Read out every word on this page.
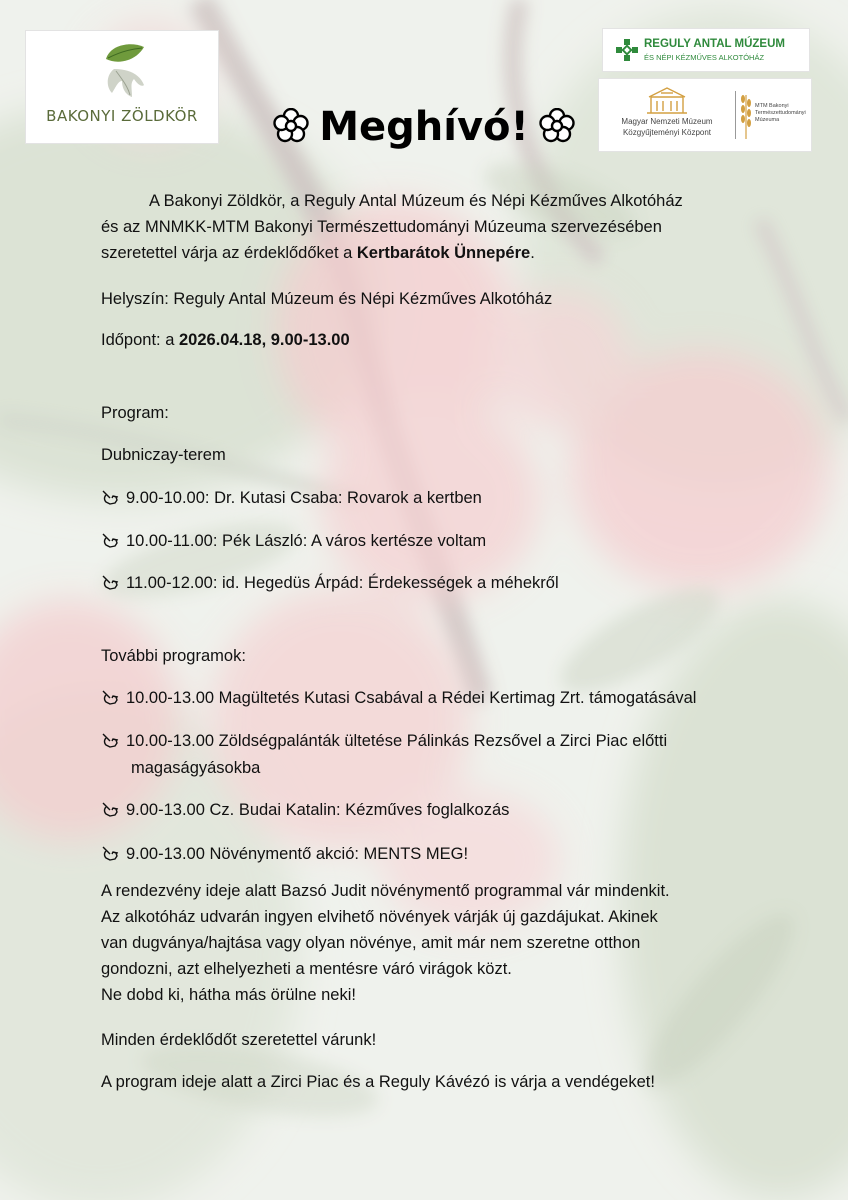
BAKONYI ZÖLDKÖR
REGULY ANTAL MÚZEUM
ÉS NÉPI KÉZMŰVES ALKOTÓHÁZ
Magyar Nemzeti Múzeum
Közgyűjteményi Központ
MTM Bakonyi Természettudományi Múzeuma
Meghívó!
A Bakonyi Zöldkör, a Reguly Antal Múzeum és Népi Kézműves Alkotóház
és az MNMKK-MTM Bakonyi Természettudományi Múzeuma szervezésében
szeretettel várja az érdeklődőket a Kertbarátok Ünnepére.
Helyszín: Reguly Antal Múzeum és Népi Kézműves Alkotóház
Időpont: a 2026.04.18, 9.00-13.00
Program:
Dubniczay-terem
9.00-10.00: Dr. Kutasi Csaba: Rovarok a kertben
10.00-11.00: Pék László: A város kertésze voltam
11.00-12.00: id. Hegedüs Árpád: Érdekességek a méhekről
További programok:
10.00-13.00 Magültetés Kutasi Csabával a Rédei Kertimag Zrt. támogatásával
10.00-13.00 Zöldségpalánták ültetése Pálinkás Rezsővel a Zirci Piac előtti
magaságyásokba
9.00-13.00 Cz. Budai Katalin: Kézműves foglalkozás
9.00-13.00 Növénymentő akció: MENTS MEG!
A rendezvény ideje alatt Bazsó Judit növénymentő programmal vár mindenkit.
Az alkotóház udvarán ingyen elvihető növények várják új gazdájukat. Akinek
van dugványa/hajtása vagy olyan növénye, amit már nem szeretne otthon
gondozni, azt elhelyezheti a mentésre váró virágok közt.
Ne dobd ki, hátha más örülne neki!
Minden érdeklődőt szeretettel várunk!
A program ideje alatt a Zirci Piac és a Reguly Kávézó is várja a vendégeket!
